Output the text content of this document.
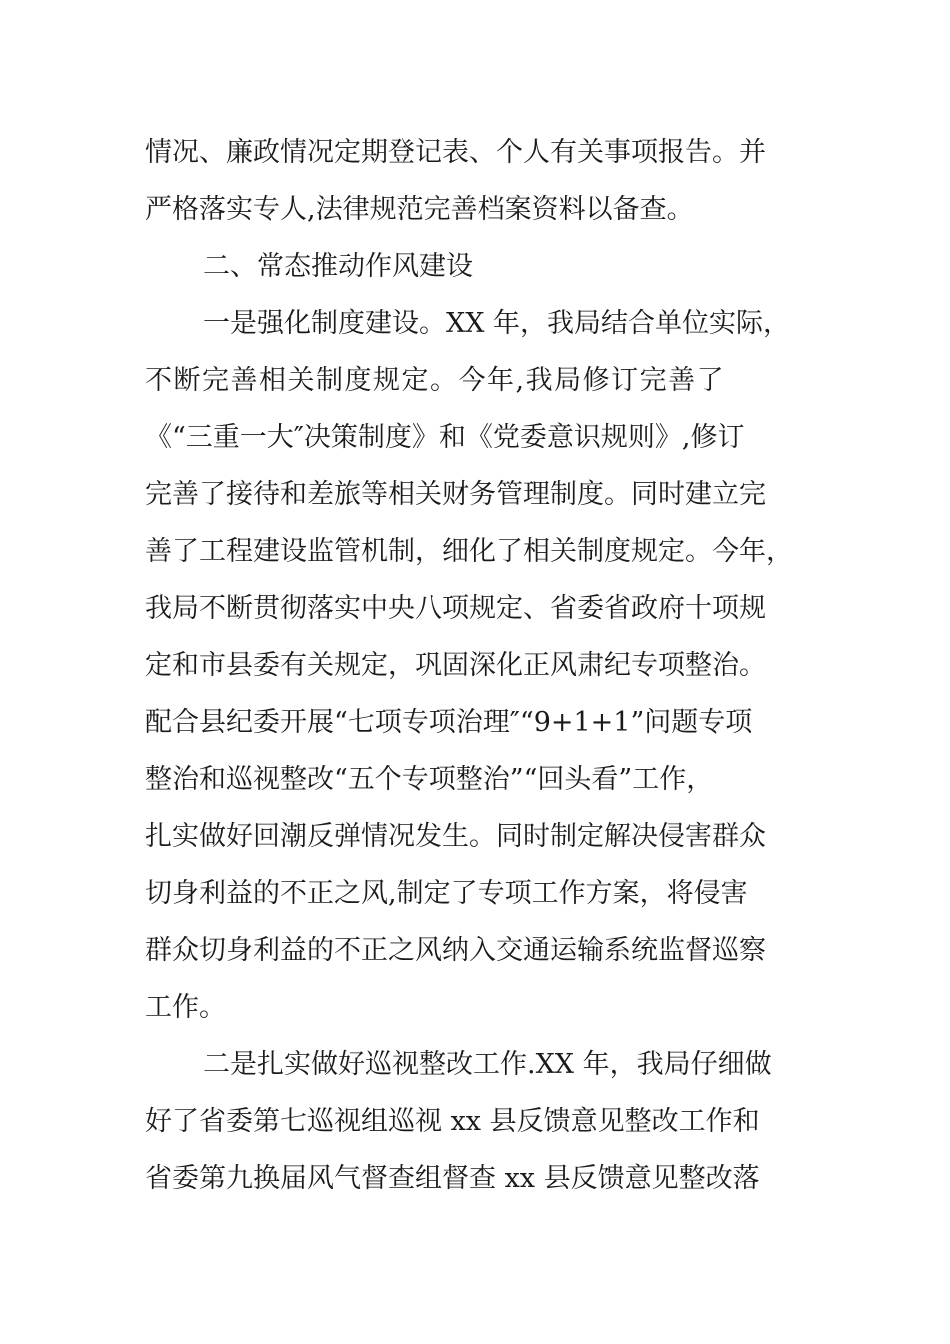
情况、廉政情况定期登记表、个人有关事项报告。并
严格落实专人,法律规范完善档案资料以备查。
二、常态推动作风建设
一是强化制度建设。XX 年，我局结合单位实际，
不断完善相关制度规定。今年,我局修订完善了
《“三重一大″决策制度》和《党委意识规则》,修订
完善了接待和差旅等相关财务管理制度。同时建立完
善了工程建设监管机制，细化了相关制度规定。今年，
我局不断贯彻落实中央八项规定、省委省政府十项规
定和市县委有关规定，巩固深化正风肃纪专项整治。
配合县纪委开展“七项专项治理″“9+1+1”问题专项
整治和巡视整改“五个专项整治”“回头看”工作，
扎实做好回潮反弹情况发生。同时制定解决侵害群众
切身利益的不正之风,制定了专项工作方案，将侵害
群众切身利益的不正之风纳入交通运输系统监督巡察
工作。
二是扎实做好巡视整改工作.XX 年，我局仔细做
好了省委第七巡视组巡视 xx 县反馈意见整改工作和
省委第九换届风气督查组督查 xx 县反馈意见整改落
